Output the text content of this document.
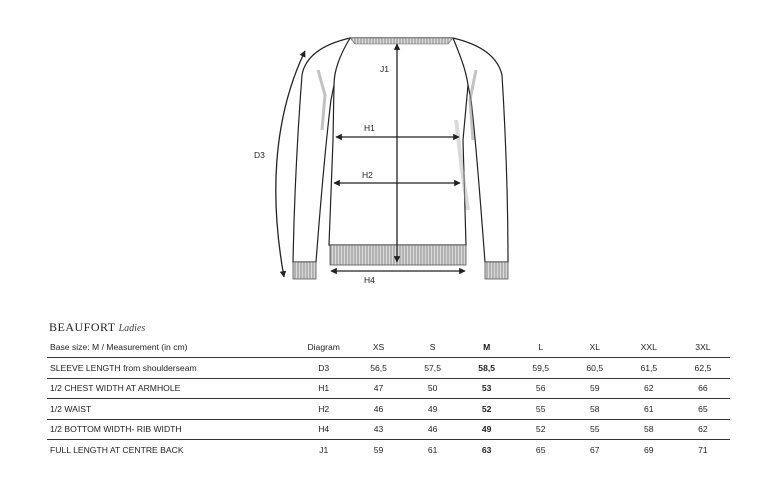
J1
H1
H2
H4
D3
BEAUFORT Ladies
Base size: M / Measurement (in cm)	Diagram	XS	S	M	L	XL	XXL	3XL
SLEEVE LENGTH from shoulderseam	D3	56,5	57,5	58,5	59,5	60,5	61,5	62,5
1/2 CHEST WIDTH AT ARMHOLE	H1	47	50	53	56	59	62	66
1/2 WAIST	H2	46	49	52	55	58	61	65
1/2 BOTTOM WIDTH- RIB WIDTH	H4	43	46	49	52	55	58	62
FULL LENGTH AT CENTRE BACK	J1	59	61	63	65	67	69	71
